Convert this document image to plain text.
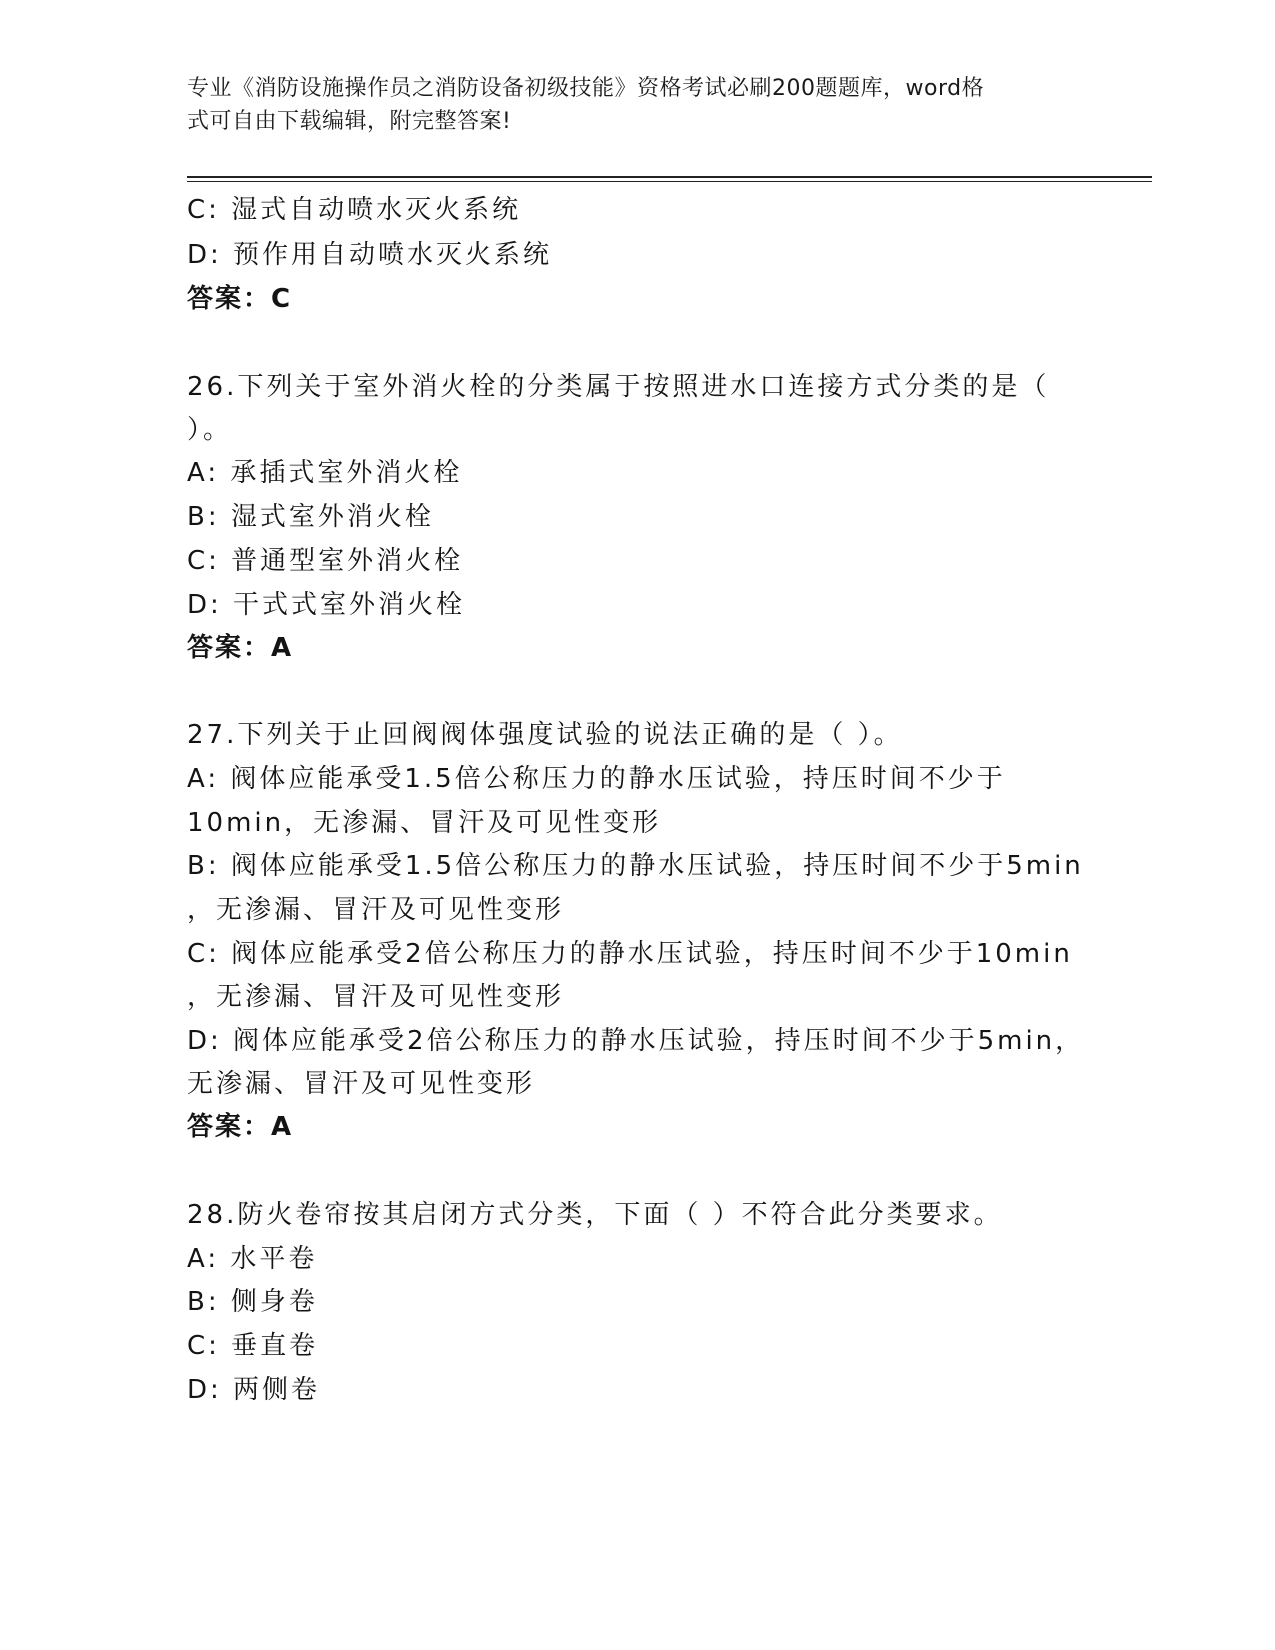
专业《消防设施操作员之消防设备初级技能》资格考试必刷200题题库，word格
式可自由下载编辑，附完整答案!
C: 湿式自动喷水灭火系统
D: 预作用自动喷水灭火系统
答案：C
26.下列关于室外消火栓的分类属于按照进水口连接方式分类的是（
）。
A: 承插式室外消火栓
B: 湿式室外消火栓
C: 普通型室外消火栓
D: 干式式室外消火栓
答案：A
27.下列关于止回阀阀体强度试验的说法正确的是（ ）。
A: 阀体应能承受1.5倍公称压力的静水压试验，持压时间不少于
10min，无渗漏、冒汗及可见性变形
B: 阀体应能承受1.5倍公称压力的静水压试验，持压时间不少于5min
，无渗漏、冒汗及可见性变形
C: 阀体应能承受2倍公称压力的静水压试验，持压时间不少于10min
，无渗漏、冒汗及可见性变形
D: 阀体应能承受2倍公称压力的静水压试验，持压时间不少于5min，
无渗漏、冒汗及可见性变形
答案：A
28.防火卷帘按其启闭方式分类，下面（ ）不符合此分类要求。
A: 水平卷
B: 侧身卷
C: 垂直卷
D: 两侧卷
